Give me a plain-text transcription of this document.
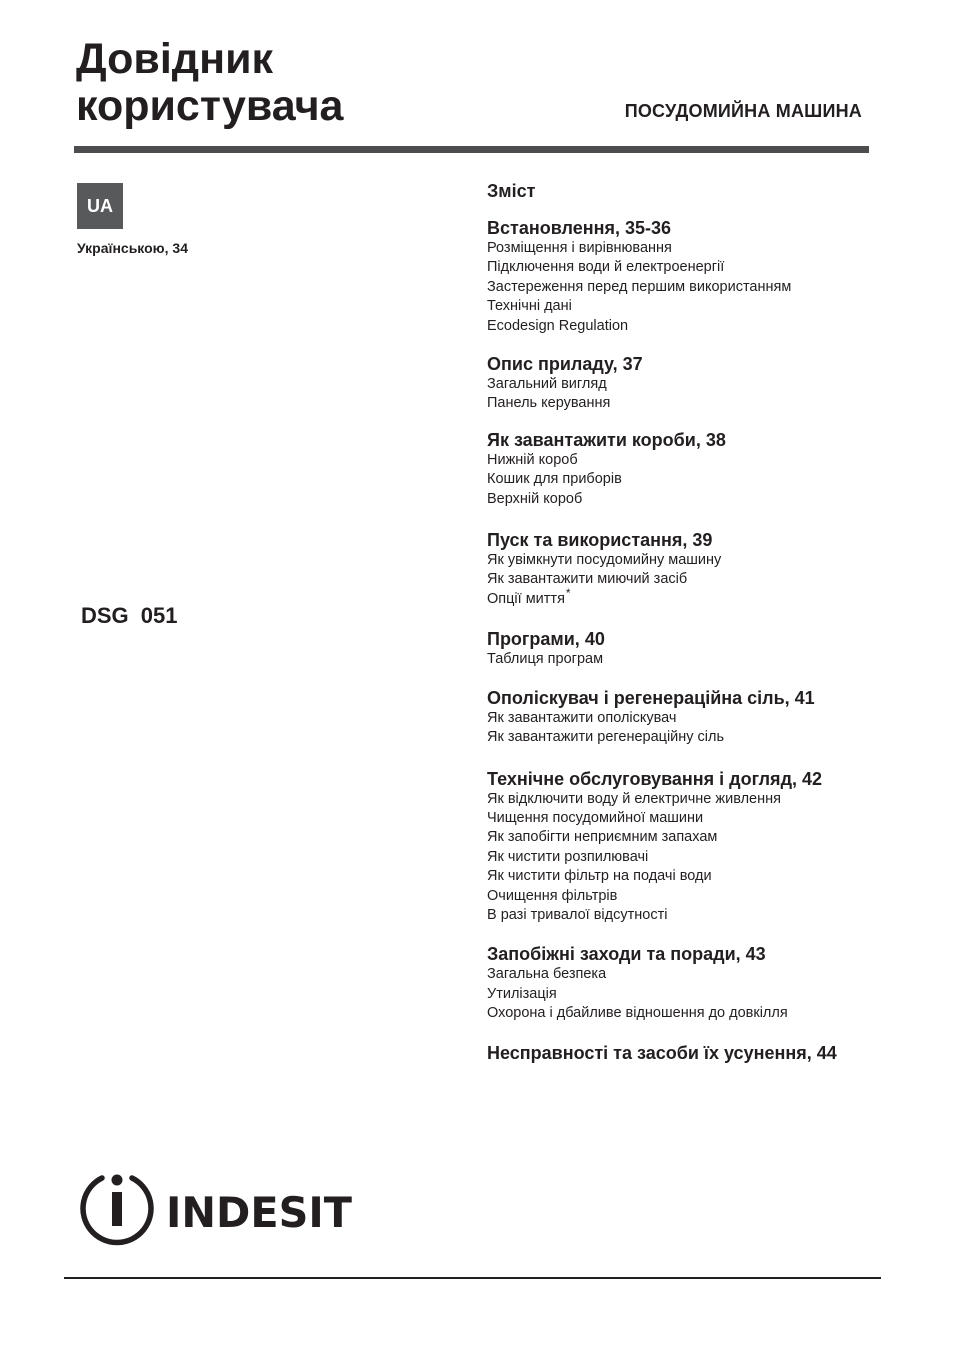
Довідник
користувача	ПОСУДОМИЙНА МАШИНА
UA
Українською, 34
DSG 051
Зміст
Встановлення, 35-36
Розміщення і вирівнювання
Підключення води й електроенергії
Застереження перед першим використанням
Технічні дані
Ecodesign Regulation
Опис приладу, 37
Загальний вигляд
Панель керування
Як завантажити короби, 38
Нижній короб
Кошик для приборів
Верхній короб
Пуск та використання, 39
Як увімкнути посудомийну машину
Як завантажити миючий засіб
Опції миття*
Програми, 40
Таблиця програм
Ополіскувач і регенераційна сіль, 41
Як завантажити ополіскувач
Як завантажити регенераційну сіль
Технічне обслуговування і догляд, 42
Як відключити воду й електричне живлення
Чищення посудомийної машини
Як запобігти неприємним запахам
Як чистити розпилювачі
Як чистити фільтр на подачі води
Очищення фільтрів
В разі тривалої відсутності
Запобіжні заходи та поради, 43
Загальна безпека
Утилізація
Охорона і дбайливе відношення до довкілля
Несправності та засоби їх усунення, 44
INDESIT
